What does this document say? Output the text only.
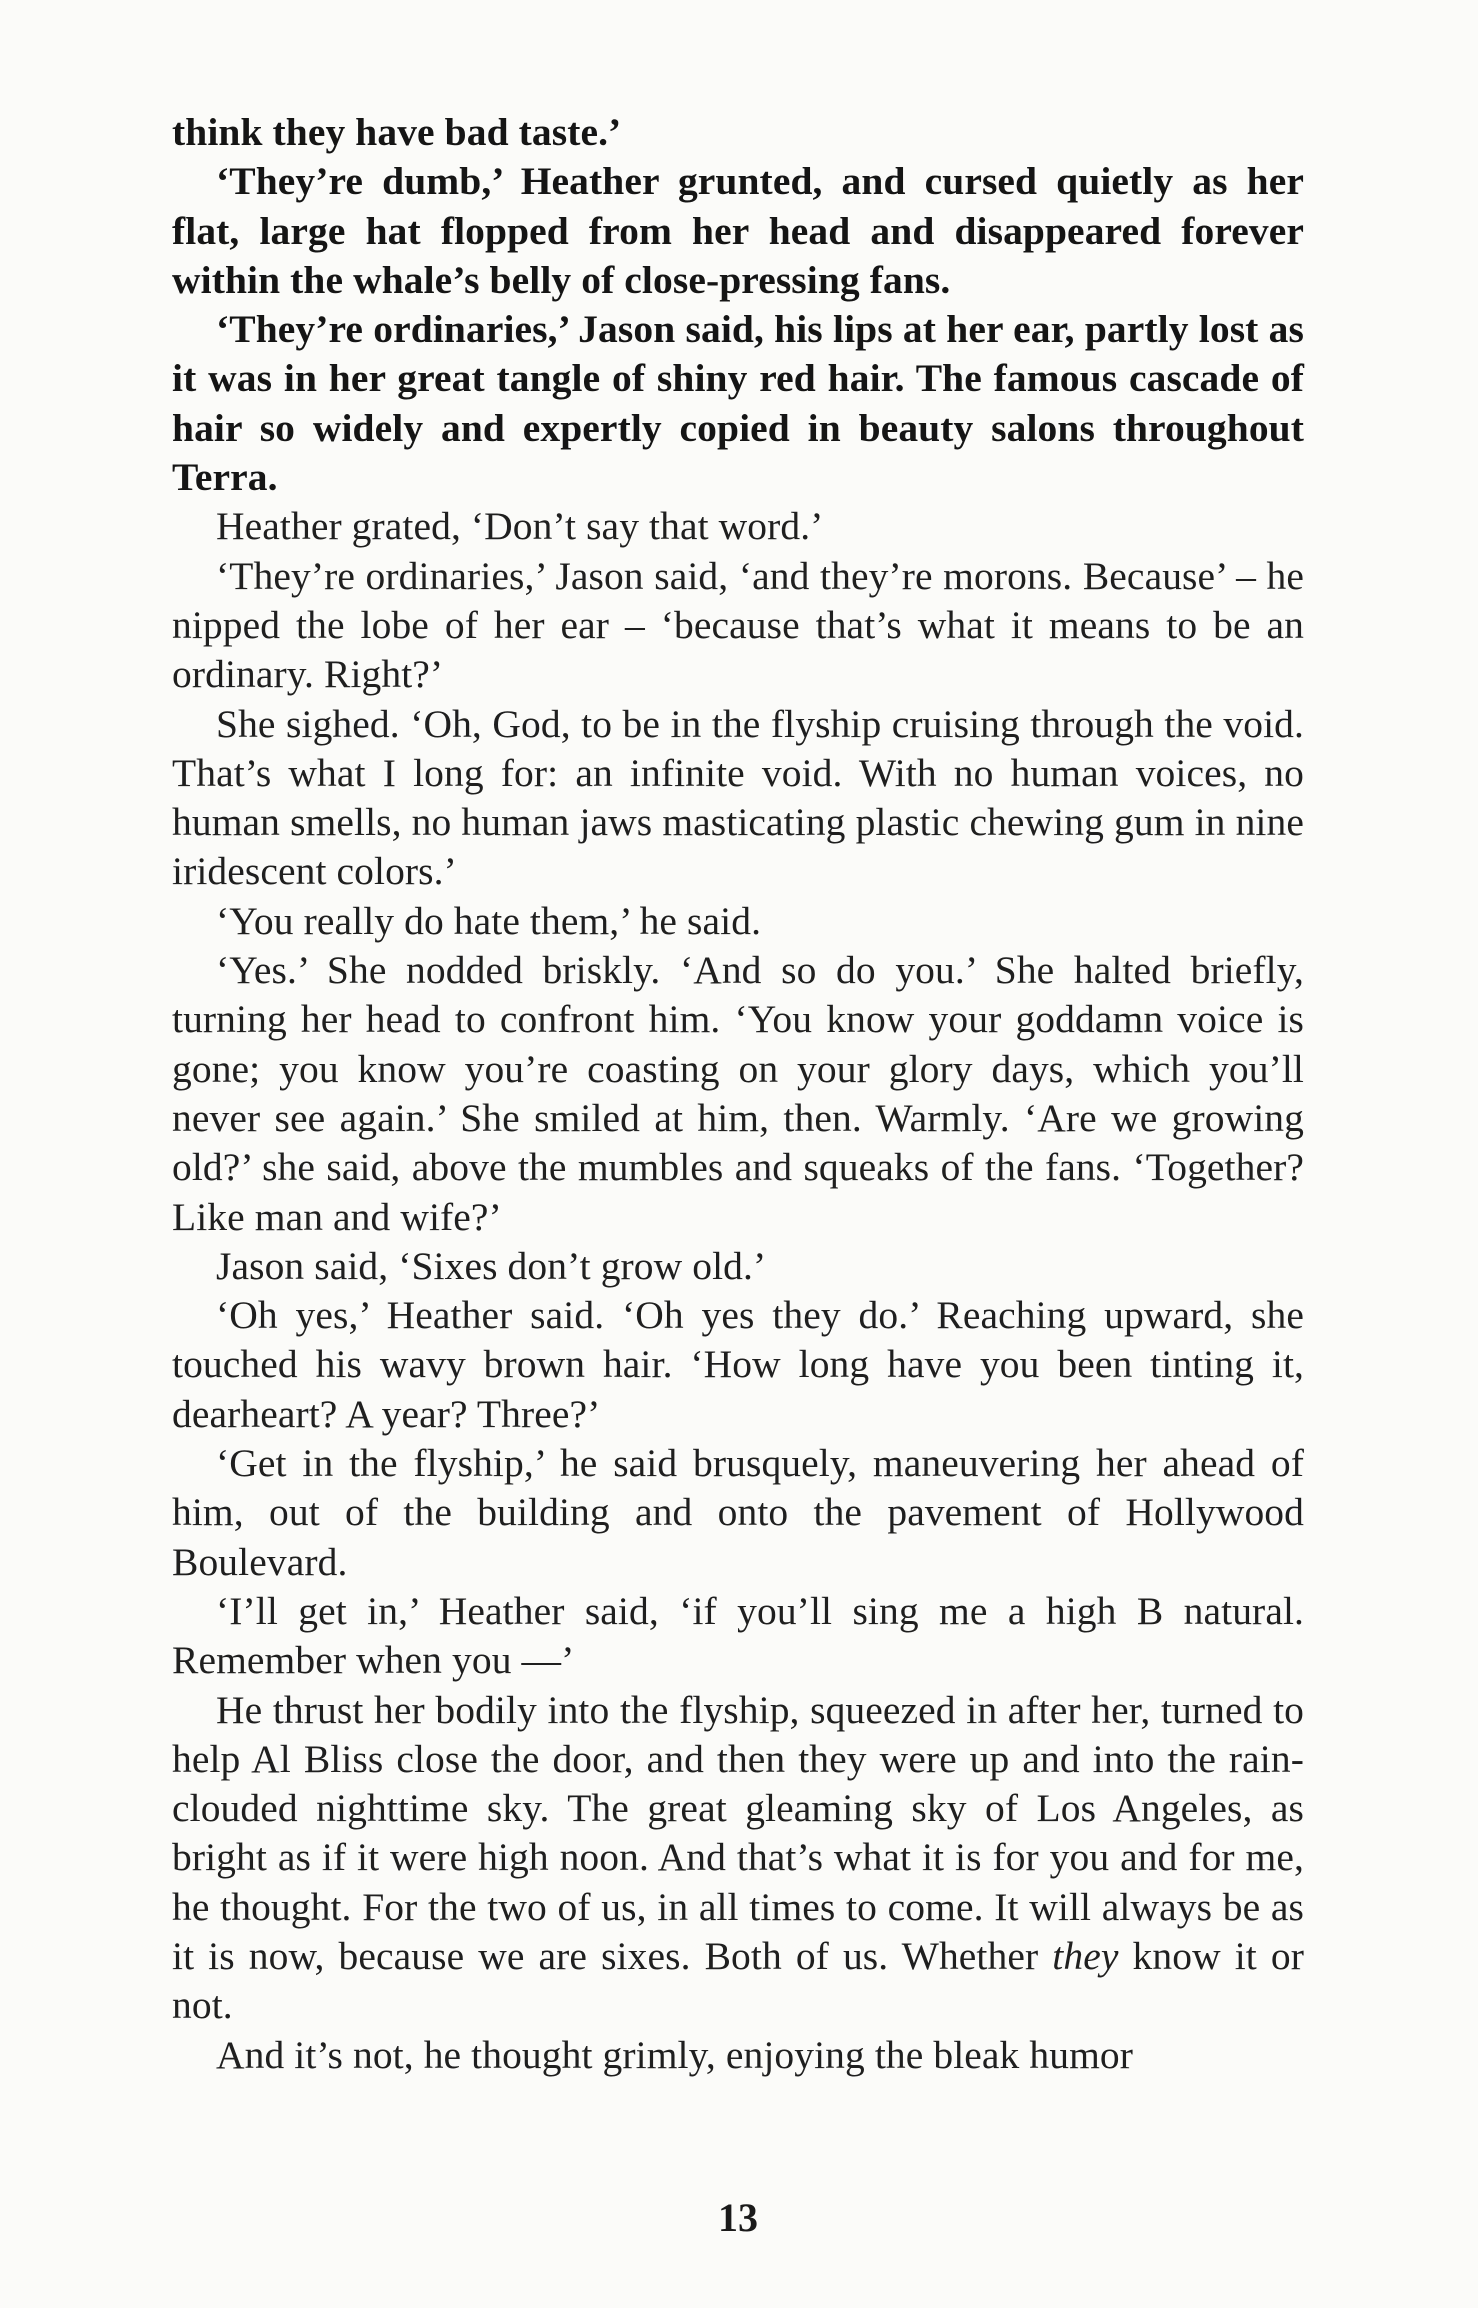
think they have bad taste.’

‘They’re dumb,’ Heather grunted, and cursed quietly as her flat, large hat flopped from her head and disappeared forever within the whale’s belly of close-pressing fans.

‘They’re ordinaries,’ Jason said, his lips at her ear, partly lost as it was in her great tangle of shiny red hair. The famous cascade of hair so widely and expertly copied in beauty salons throughout Terra.

Heather grated, ‘Don’t say that word.’

‘They’re ordinaries,’ Jason said, ‘and they’re morons. Because’ – he nipped the lobe of her ear – ‘because that’s what it means to be an ordinary. Right?’

She sighed. ‘Oh, God, to be in the flyship cruising through the void. That’s what I long for: an infinite void. With no human voices, no human smells, no human jaws masticating plastic chewing gum in nine iridescent colors.’

‘You really do hate them,’ he said.

‘Yes.’ She nodded briskly. ‘And so do you.’ She halted briefly, turning her head to confront him. ‘You know your goddamn voice is gone; you know you’re coasting on your glory days, which you’ll never see again.’ She smiled at him, then. Warmly. ‘Are we growing old?’ she said, above the mumbles and squeaks of the fans. ‘Together? Like man and wife?’

Jason said, ‘Sixes don’t grow old.’

‘Oh yes,’ Heather said. ‘Oh yes they do.’ Reaching upward, she touched his wavy brown hair. ‘How long have you been tinting it, dearheart? A year? Three?’

‘Get in the flyship,’ he said brusquely, maneuvering her ahead of him, out of the building and onto the pavement of Hollywood Boulevard.

‘I’ll get in,’ Heather said, ‘if you’ll sing me a high B natural. Remember when you —’

He thrust her bodily into the flyship, squeezed in after her, turned to help Al Bliss close the door, and then they were up and into the rain-clouded nighttime sky. The great gleaming sky of Los Angeles, as bright as if it were high noon. And that’s what it is for you and for me, he thought. For the two of us, in all times to come. It will always be as it is now, because we are sixes. Both of us. Whether they know it or not.

And it’s not, he thought grimly, enjoying the bleak humor

13
